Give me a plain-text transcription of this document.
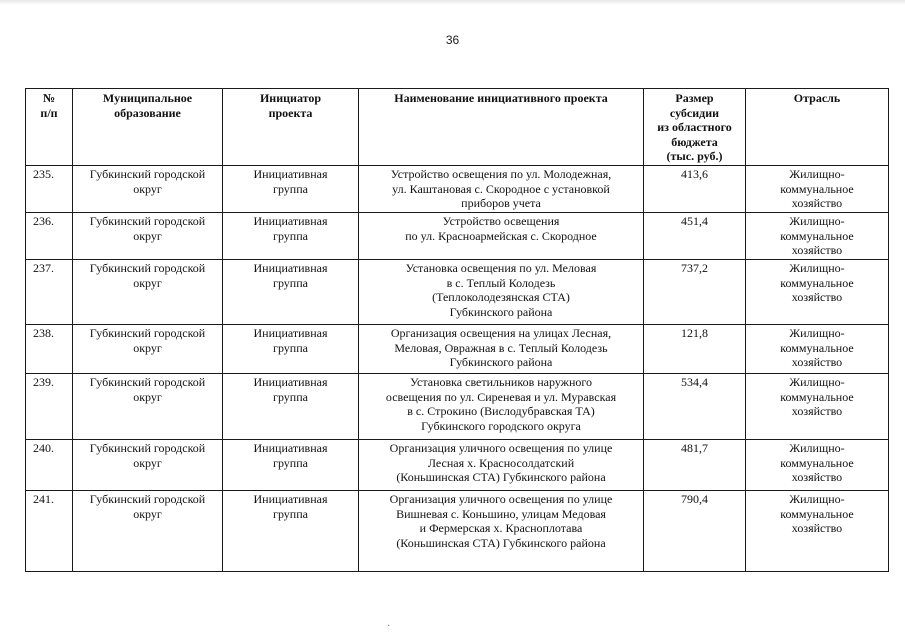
36
№
п/п	Муниципальное
образование	Инициатор
проекта	Наименование инициативного проекта	Размер
субсидии
из областного
бюджета
(тыс. руб.)	Отрасль
235.	Губкинский городской
округ	Инициативная
группа	Устройство освещения по ул. Молодежная,
ул. Каштановая с. Скородное с установкой
приборов учета	413,6	Жилищно-
коммунальное
хозяйство
236.	Губкинский городской
округ	Инициативная
группа	Устройство освещения
по ул. Красноармейская с. Скородное	451,4	Жилищно-
коммунальное
хозяйство
237.	Губкинский городской
округ	Инициативная
группа	Установка освещения по ул. Меловая
в с. Теплый Колодезь
(Теплоколодезянская СТА)
Губкинского района	737,2	Жилищно-
коммунальное
хозяйство
238.	Губкинский городской
округ	Инициативная
группа	Организация освещения на улицах Лесная,
Меловая, Овражная в с. Теплый Колодезь
Губкинского района	121,8	Жилищно-
коммунальное
хозяйство
239.	Губкинский городской
округ	Инициативная
группа	Установка светильников наружного
освещения по ул. Сиреневая и ул. Муравская
в с. Строкино (Вислодубравская ТА)
Губкинского городского округа	534,4	Жилищно-
коммунальное
хозяйство
240.	Губкинский городской
округ	Инициативная
группа	Организация уличного освещения по улице
Лесная х. Красносолдатский
(Коньшинская СТА) Губкинского района	481,7	Жилищно-
коммунальное
хозяйство
241.	Губкинский городской
округ	Инициативная
группа	Организация уличного освещения по улице
Вишневая с. Коньшино, улицам Медовая
и Фермерская х. Красноплотава
(Коньшинская СТА) Губкинского района	790,4	Жилищно-
коммунальное
хозяйство
·
